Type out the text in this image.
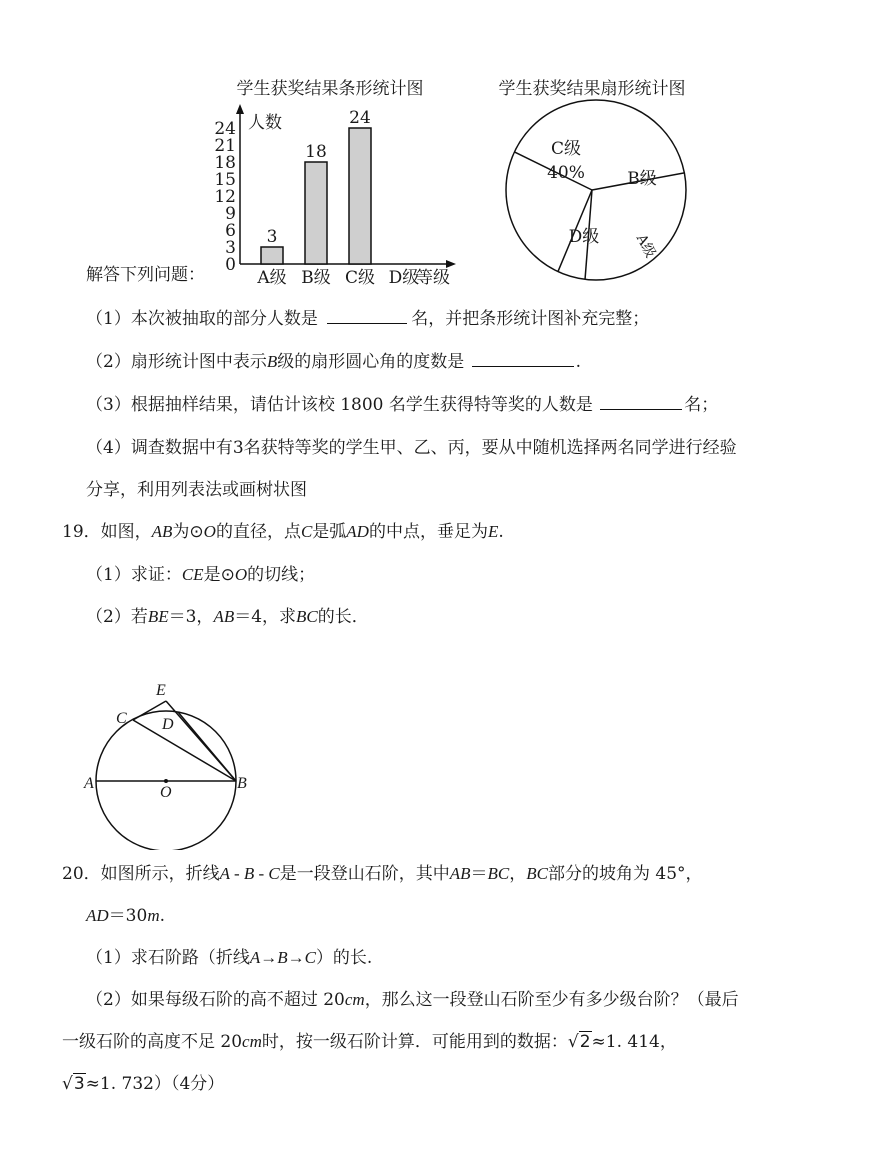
学生获奖结果条形统计图
人数
3
18
24
0
3
6
9
12
15
18
21
24
A级 B级 C级 D级
等级
学生获奖结果扇形统计图
C级
40% B级
D级 A级
解答下列问题：
（1）本次被抽取的部分人数是	名，并把条形统计图补充完整；
（2）扇形统计图中表示B级的扇形圆心角的度数是	.
（3）根据抽样结果，请估计该校 1800 名学生获得特等奖的人数是	名；
（4）调查数据中有3名获特等奖的学生甲、乙、丙，要从中随机选择两名同学进行经验
分享，利用列表法或画树状图
19．如图，AB为⊙O的直径，点C是弧AD的中点，垂足为E.
（1）求证：CE是⊙O的切线；
（2）若BE＝3，AB＝4，求BC的长．
E
C D
A
O
B
20．如图所示，折线A - B - C是一段登山石阶，其中AB＝BC，BC部分的坡角为 45°，
AD＝30m.
（1）求石阶路（折线A→B→C）的长.
（2）如果每级石阶的高不超过 20cm，那么这一段登山石阶至少有多少级台阶？（最后
一级石阶的高度不足 20cm时，按一级石阶计算．可能用到的数据：√2≈1. 414，
√3≈1. 732）（4分）
